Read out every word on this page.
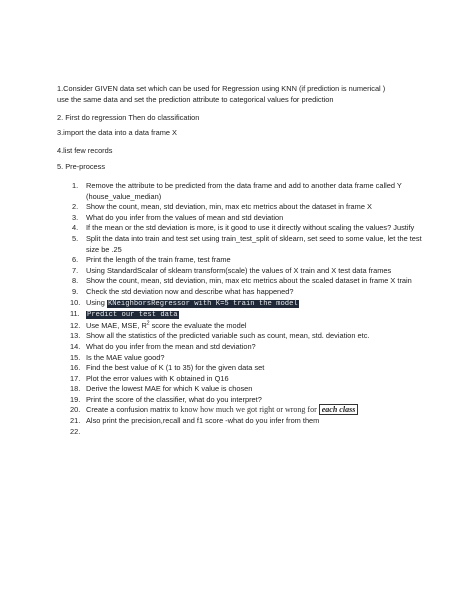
1.Consider GIVEN data set which can be used for Regression using KNN (if prediction is numerical )
use the same data and set the prediction attribute to categorical values for prediction
2. First do regression Then do classification
3.import the data into a data frame X
4.list few records
5. Pre-process
1.	Remove the attribute to be predicted from the data frame and add to another data frame called Y (house_value_median)
2.	Show the count, mean, std deviation, min, max etc metrics about the dataset in frame X
3.	What do you infer from the values of mean and std deviation
4.	If the mean or the std deviation is more, is it good to use it directly without scaling the values? Justify
5.	Split the data into train and test set using train_test_split of sklearn, set seed to some value, let the test size be .25
6.	Print the length of the train frame, test frame
7.	Using StandardScalar of sklearn transform(scale) the values of X train and X test data frames
8.	Show the count, mean, std deviation, min, max etc metrics about the scaled dataset in frame X train
9.	Check the std deviation now and describe what has happened?
10. Using KNeighborsRegressor with K=5 train the model
11.	Predict our test data
12. Use MAE, MSE, $R^2$ score the evaluate the model
13. Show all the statistics of the predicted variable such as count, mean, std. deviation etc.
14. What do you infer from the mean and std deviation?
15. Is the MAE value good?
16. Find the best value of K (1 to 35) for the given data set
17. Plot the error values with K obtained in Q16
18. Derive the lowest MAE for which K value is chosen
19. Print the score of the classifier, what do you interpret?
20. Create a confusion matrix to know how much we got right or wrong for each class
21. Also print the precision,recall and f1 score -what do you infer from them
22.
